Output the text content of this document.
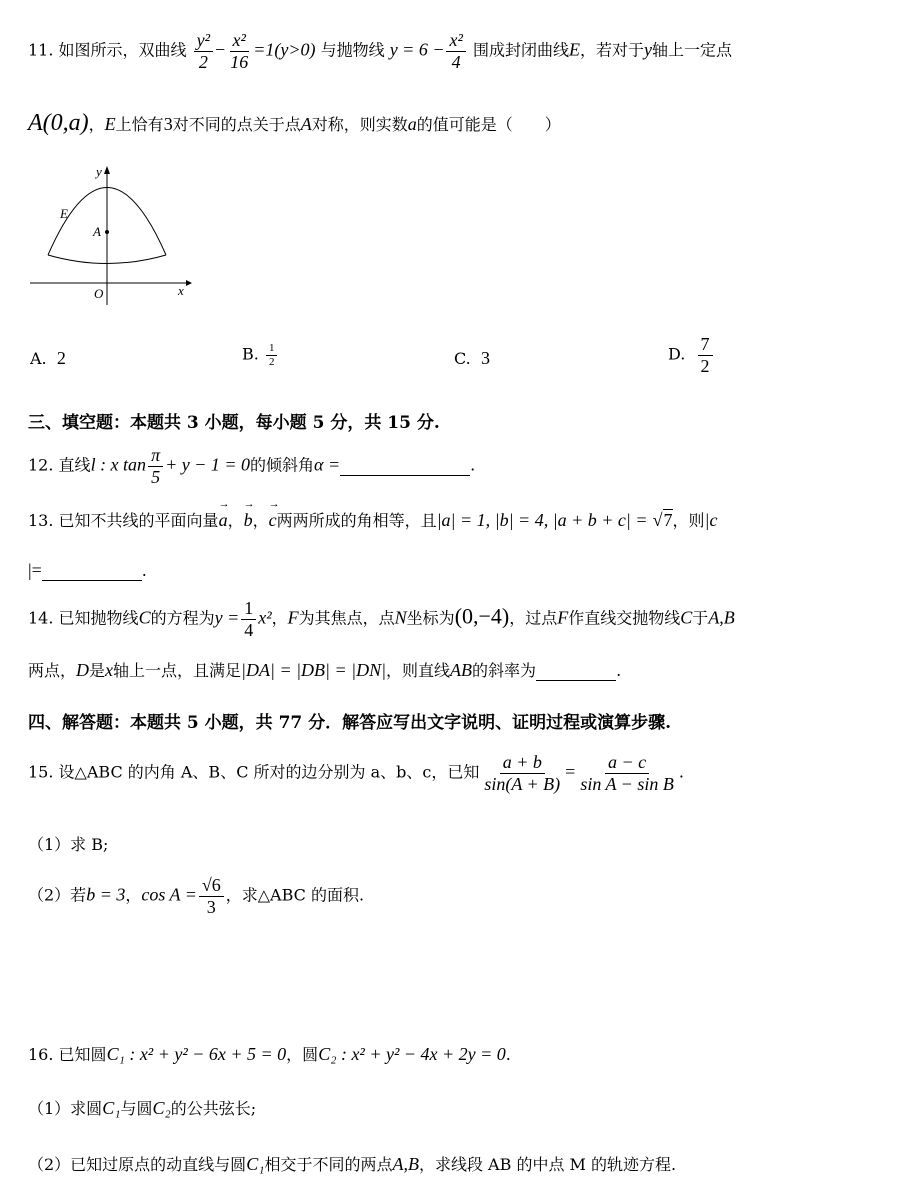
11. 如图所示，双曲线 $\frac{\text{y²}}{2} - \frac{\text{x²}}{16} =1(y>0)$ 与抛物线 $y = 6 - \frac{\text{x²}}{4}$ 围成封闭曲线E，若对于y轴上一定点
A(0,a)，E上恰有3对不同的点关于点A对称，则实数a的值可能是（　　）
y
x
O
E
A
A. 2	B. $\frac{1}{2}$	C. 3	D. $\frac{7}{2}$
三、填空题：本题共 3 小题，每小题 5 分，共 15 分.
12. 直线l : x $\tan \frac{\pi}{5} + y - 1 = 0$的倾斜角α =	.
13. 已知不共线的平面向量→ a，→ b，→ c两两所成的角相等，且|a| = 1, |b| = 4, |a + b + c| = √7，则|c
|=	.
14. 已知抛物线C的方程为$y = \frac{1}{4} x^2$，F为其焦点，点N坐标为(0,−4)，过点F作直线交抛物线C于A,B
两点，D是x轴上一点，且满足|DA| = |DB| = |DN|，则直线AB的斜率为	.
四、解答题：本题共 5 小题，共 77 分．解答应写出文字说明、证明过程或演算步骤.
15. 设△ABC 的内角 A、B、C 所对的边分别为 a、b、c，已知 $\frac{a + b}{\sin(A + B)} = \frac{a - c}{\text{sin A − sin B}}$ .
（1）求 B;
（2）若b = 3，$\cos A = \frac{√6}{3}$ ，求△ABC 的面积.
16. 已知圆C₁ : x² + y² − 6x + 5 = 0，圆C₂ : x² + y² − 4x + 2y = 0.
（1）求圆C₁与圆C₂的公共弦长;
（2）已知过原点的动直线与圆C₁相交于不同的两点A,B，求线段 AB 的中点 M 的轨迹方程.
